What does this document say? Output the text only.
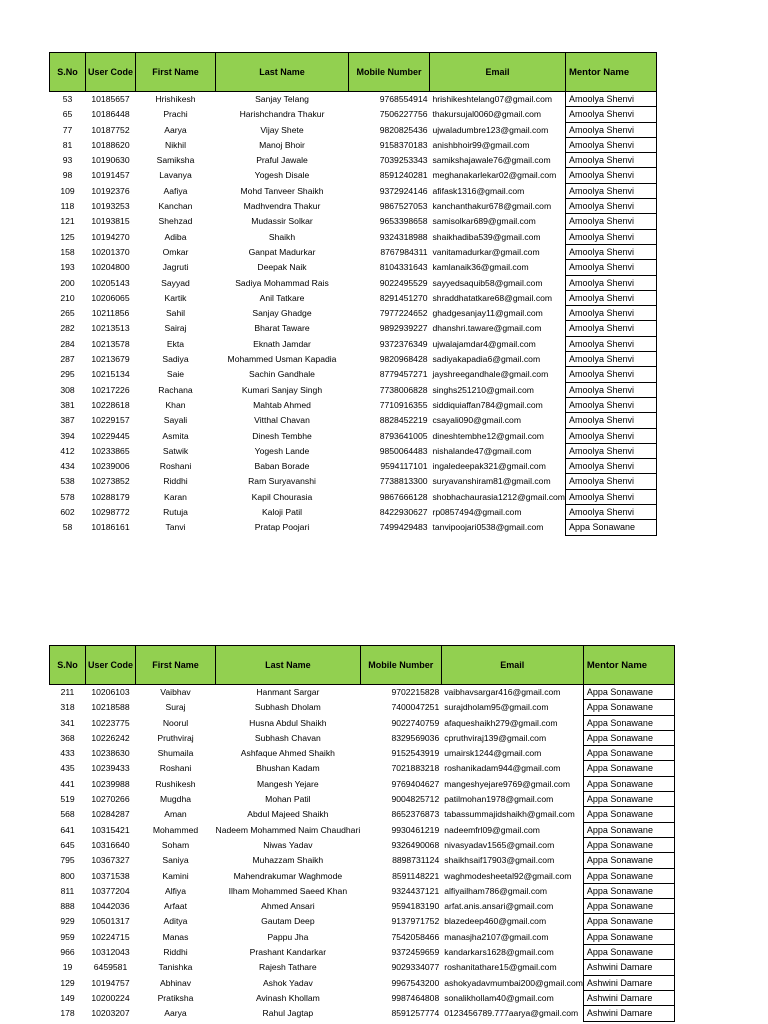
S.No	User Code	First Name	Last Name	Mobile Number	Email	Mentor Name
53	10185657	Hrishikesh	Sanjay Telang	9768554914	hrishikeshtelang07@gmail.com	Amoolya Shenvi
65	10186448	Prachi	Harishchandra Thakur	7506227756	thakursujal0060@gmail.com	Amoolya Shenvi
77	10187752	Aarya	Vijay Shete	9820825436	ujwaladumbre123@gmail.com	Amoolya Shenvi
81	10188620	Nikhil	Manoj Bhoir	9158370183	anishbhoir99@gmail.com	Amoolya Shenvi
93	10190630	Samiksha	Praful Jawale	7039253343	samikshajawale76@gmail.com	Amoolya Shenvi
98	10191457	Lavanya	Yogesh Disale	8591240281	meghanakarlekar02@gmail.com	Amoolya Shenvi
109	10192376	Aafiya	Mohd Tanveer Shaikh	9372924146	afifask1316@gmail.com	Amoolya Shenvi
118	10193253	Kanchan	Madhvendra Thakur	9867527053	kanchanthakur678@gmail.com	Amoolya Shenvi
121	10193815	Shehzad	Mudassir Solkar	9653398658	samisolkar689@gmail.com	Amoolya Shenvi
125	10194270	Adiba	Shaikh	9324318988	shaikhadiba539@gmail.com	Amoolya Shenvi
158	10201370	Omkar	Ganpat Madurkar	8767984311	vanitamadurkar@gmail.com	Amoolya Shenvi
193	10204800	Jagruti	Deepak Naik	8104331643	kamlanaik36@gmail.com	Amoolya Shenvi
200	10205143	Sayyad	Sadiya Mohammad Rais	9022495529	sayyedsaquib58@gmail.com	Amoolya Shenvi
210	10206065	Kartik	Anil Tatkare	8291451270	shraddhatatkare68@gmail.com	Amoolya Shenvi
265	10211856	Sahil	Sanjay Ghadge	7977224652	ghadgesanjay11@gmail.com	Amoolya Shenvi
282	10213513	Sairaj	Bharat Taware	9892939227	dhanshri.taware@gmail.com	Amoolya Shenvi
284	10213578	Ekta	Eknath Jamdar	9372376349	ujwalajamdar4@gmail.com	Amoolya Shenvi
287	10213679	Sadiya	Mohammed Usman Kapadia	9820968428	sadiyakapadia6@gmail.com	Amoolya Shenvi
295	10215134	Saie	Sachin Gandhale	8779457271	jayshreegandhale@gmail.com	Amoolya Shenvi
308	10217226	Rachana	Kumari Sanjay Singh	7738006828	singhs251210@gmail.com	Amoolya Shenvi
381	10228618	Khan	Mahtab Ahmed	7710916355	siddiquiaffan784@gmail.com	Amoolya Shenvi
387	10229157	Sayali	Vitthal Chavan	8828452219	csayali090@gmail.com	Amoolya Shenvi
394	10229445	Asmita	Dinesh Tembhe	8793641005	dineshtembhe12@gmail.com	Amoolya Shenvi
412	10233865	Satwik	Yogesh Lande	9850064483	nishalande47@gmail.com	Amoolya Shenvi
434	10239006	Roshani	Baban Borade	9594117101	ingaledeepak321@gmail.com	Amoolya Shenvi
538	10273852	Riddhi	Ram Suryavanshi	7738813300	suryavanshiram81@gmail.com	Amoolya Shenvi
578	10288179	Karan	Kapil Chourasia	9867666128	shobhachaurasia1212@gmail.com	Amoolya Shenvi
602	10298772	Rutuja	Kaloji Patil	8422930627	rp0857494@gmail.com	Amoolya Shenvi
58	10186161	Tanvi	Pratap Poojari	7499429483	tanvipoojari0538@gmail.com	Appa Sonawane
S.No	User Code	First Name	Last Name	Mobile Number	Email	Mentor Name
211	10206103	Vaibhav	Hanmant Sargar	9702215828	vaibhavsargar416@gmail.com	Appa Sonawane
318	10218588	Suraj	Subhash Dholam	7400047251	surajdholam95@gmail.com	Appa Sonawane
341	10223775	Noorul	Husna Abdul Shaikh	9022740759	afaqueshaikh279@gmail.com	Appa Sonawane
368	10226242	Pruthviraj	Subhash Chavan	8329569036	cpruthviraj139@gmail.com	Appa Sonawane
433	10238630	Shumaila	Ashfaque Ahmed Shaikh	9152543919	umairsk1244@gmail.com	Appa Sonawane
435	10239433	Roshani	Bhushan Kadam	7021883218	roshanikadam944@gmail.com	Appa Sonawane
441	10239988	Rushikesh	Mangesh Yejare	9769404627	mangeshyejare9769@gmail.com	Appa Sonawane
519	10270266	Mugdha	Mohan Patil	9004825712	patilmohan1978@gmail.com	Appa Sonawane
568	10284287	Aman	Abdul Majeed Shaikh	8652376873	tabassummajidshaikh@gmail.com	Appa Sonawane
641	10315421	Mohammed	Nadeem Mohammed Naim Chaudhari	9930461219	nadeemfrl09@gmail.com	Appa Sonawane
645	10316640	Soham	Niwas Yadav	9326490068	nivasyadav1565@gmail.com	Appa Sonawane
795	10367327	Saniya	Muhazzam Shaikh	8898731124	shaikhsaif17903@gmail.com	Appa Sonawane
800	10371538	Kamini	Mahendrakumar Waghmode	8591148221	waghmodesheetal92@gmail.com	Appa Sonawane
811	10377204	Alfiya	Ilham Mohammed Saeed Khan	9324437121	alfiyailham786@gmail.com	Appa Sonawane
888	10442036	Arfaat	Ahmed Ansari	9594183190	arfat.anis.ansari@gmail.com	Appa Sonawane
929	10501317	Aditya	Gautam Deep	9137971752	blazedeep460@gmail.com	Appa Sonawane
959	10224715	Manas	Pappu Jha	7542058466	manasjha2107@gmail.com	Appa Sonawane
966	10312043	Riddhi	Prashant Kandarkar	9372459659	kandarkars1628@gmail.com	Appa Sonawane
19	6459581	Tanishka	Rajesh Tathare	9029334077	roshanitathare15@gmail.com	Ashwini Damare
129	10194757	Abhinav	Ashok Yadav	9967543200	ashokyadavmumbai200@gmail.com	Ashwini Damare
149	10200224	Pratiksha	Avinash Khollam	9987464808	sonalikhollam40@gmail.com	Ashwini Damare
178	10203207	Aarya	Rahul Jagtap	8591257774	0123456789.777aarya@gmail.com	Ashwini Damare
